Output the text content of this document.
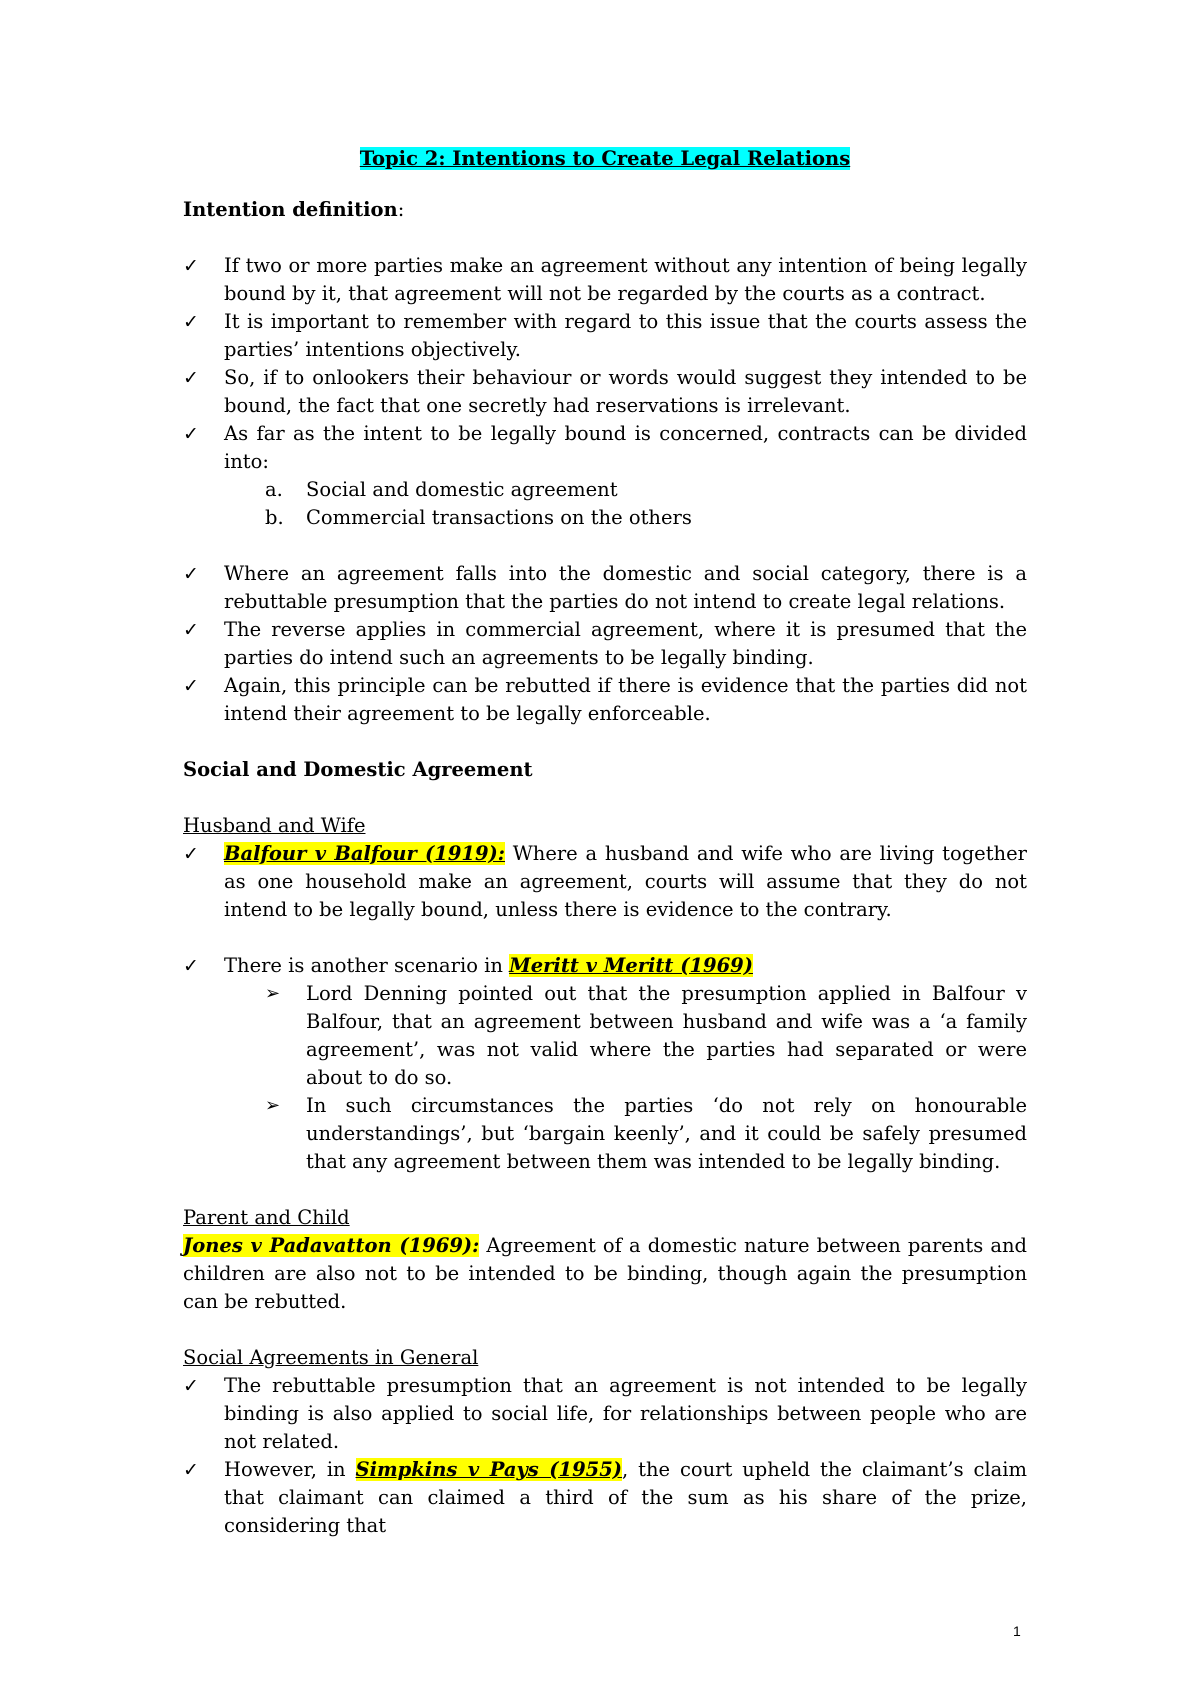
Topic 2: Intentions to Create Legal Relations

Intention definition:

✓ If two or more parties make an agreement without any intention of being legally bound by it, that agreement will not be regarded by the courts as a contract.
✓ It is important to remember with regard to this issue that the courts assess the parties’ intentions objectively.
✓ So, if to onlookers their behaviour or words would suggest they intended to be bound, the fact that one secretly had reservations is irrelevant.
✓ As far as the intent to be legally bound is concerned, contracts can be divided into:
a. Social and domestic agreement
b. Commercial transactions on the others
✓ Where an agreement falls into the domestic and social category, there is a rebuttable presumption that the parties do not intend to create legal relations.
✓ The reverse applies in commercial agreement, where it is presumed that the parties do intend such an agreements to be legally binding.
✓ Again, this principle can be rebutted if there is evidence that the parties did not intend their agreement to be legally enforceable.

Social and Domestic Agreement

Husband and Wife

✓ Balfour v Balfour (1919): Where a husband and wife who are living together as one household make an agreement, courts will assume that they do not intend to be legally bound, unless there is evidence to the contrary.
✓ There is another scenario in Meritt v Meritt (1969)
➢ Lord Denning pointed out that the presumption applied in Balfour v Balfour, that an agreement between husband and wife was a ‘a family agreement’, was not valid where the parties had separated or were about to do so.
➢ In such circumstances the parties ‘do not rely on honourable understandings’, but ‘bargain keenly’, and it could be safely presumed that any agreement between them was intended to be legally binding.

Parent and Child

Jones v Padavatton (1969): Agreement of a domestic nature between parents and children are also not to be intended to be binding, though again the presumption can be rebutted.

Social Agreements in General

✓ The rebuttable presumption that an agreement is not intended to be legally binding is also applied to social life, for relationships between people who are not related.
✓ However, in Simpkins v Pays (1955), the court upheld the claimant’s claim that claimant can claimed a third of the sum as his share of the prize, considering that
1
